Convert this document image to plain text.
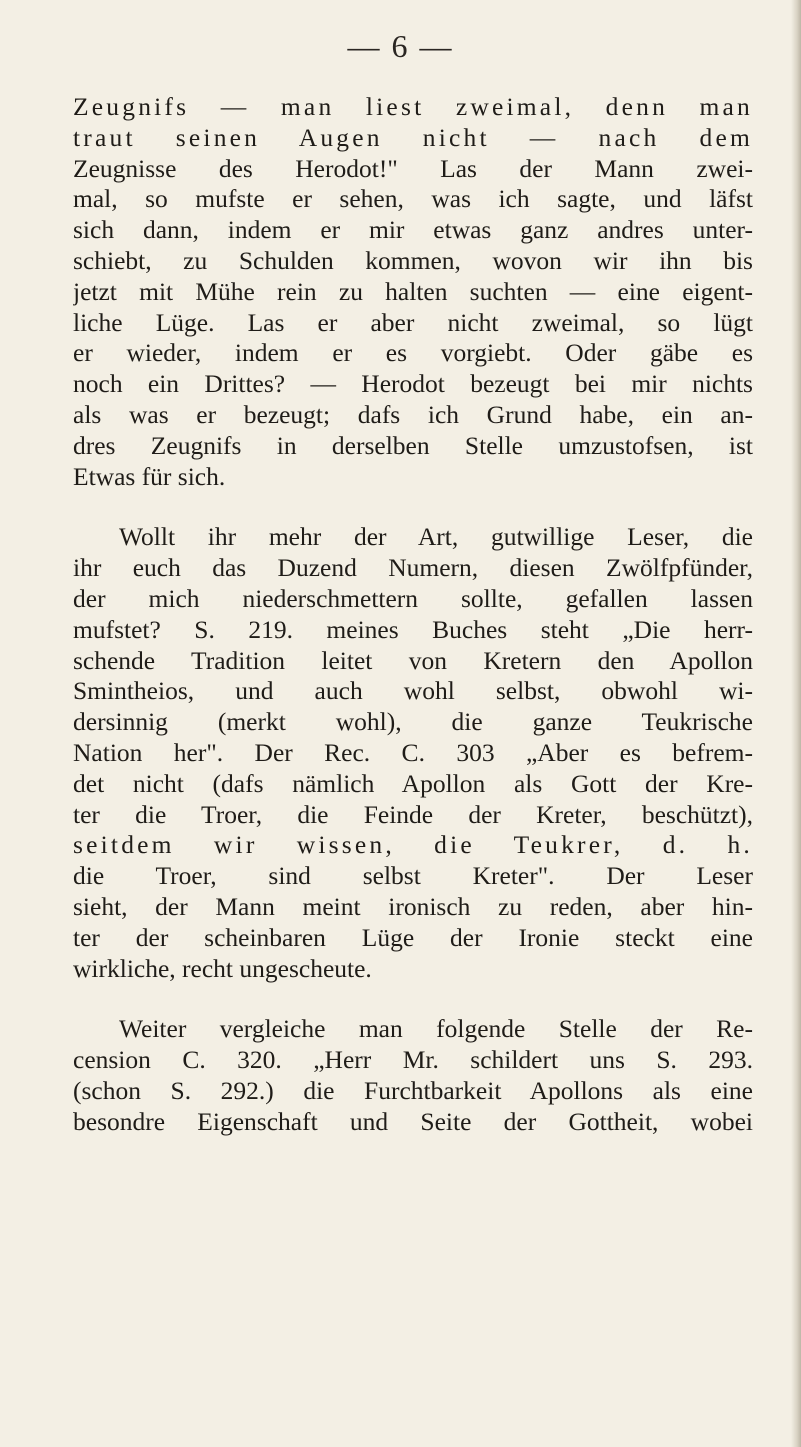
— 6 —
Zeugnifs — man liest zweimal, denn man
traut seinen Augen nicht — nach dem
Zeugnisse des Herodot!" Las der Mann zwei-
mal, so mufste er sehen, was ich sagte, und läfst
sich dann, indem er mir etwas ganz andres unter-
schiebt, zu Schulden kommen, wovon wir ihn bis
jetzt mit Mühe rein zu halten suchten — eine eigent-
liche Lüge. Las er aber nicht zweimal, so lügt
er wieder, indem er es vorgiebt. Oder gäbe es
noch ein Drittes? — Herodot bezeugt bei mir nichts
als was er bezeugt; dafs ich Grund habe, ein an-
dres Zeugnifs in derselben Stelle umzustofsen, ist
Etwas für sich.
Wollt ihr mehr der Art, gutwillige Leser, die
ihr euch das Duzend Numern, diesen Zwölfpfünder,
der mich niederschmettern sollte, gefallen lassen
mufstet? S. 219. meines Buches steht „Die herr-
schende Tradition leitet von Kretern den Apollon
Smintheios, und auch wohl selbst, obwohl wi-
dersinnig (merkt wohl), die ganze Teukrische
Nation her". Der Rec. C. 303 „Aber es befrem-
det nicht (dafs nämlich Apollon als Gott der Kre-
ter die Troer, die Feinde der Kreter, beschützt),
seitdem wir wissen, die Teukrer, d. h.
die Troer, sind selbst Kreter". Der Leser
sieht, der Mann meint ironisch zu reden, aber hin-
ter der scheinbaren Lüge der Ironie steckt eine
wirkliche, recht ungescheute.
Weiter vergleiche man folgende Stelle der Re-
cension C. 320. „Herr Mr. schildert uns S. 293.
(schon S. 292.) die Furchtbarkeit Apollons als eine
besondre Eigenschaft und Seite der Gottheit, wobei
